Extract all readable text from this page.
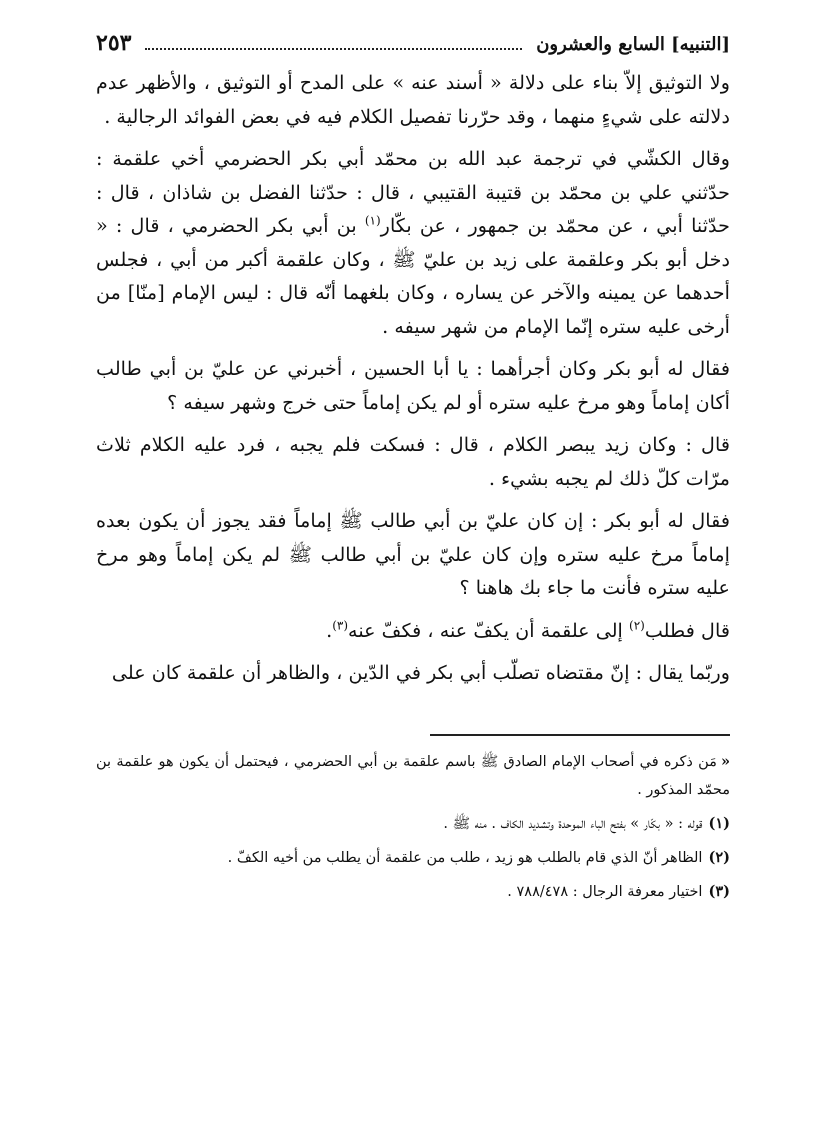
[التنبيه] السابع والعشرون
٢٥٣

ولا التوثيق إلاّ بناء على دلالة « أسند عنه » على المدح أو التوثيق ، والأظهر عدم دلالته على شيءٍ منهما ، وقد حرّرنا تفصيل الكلام فيه في بعض الفوائد الرجالية .

وقال الكشّي في ترجمة عبد الله بن محمّد أبي بكر الحضرمي أخي علقمة : حدّثني علي بن محمّد بن قتيبة القتيبي ، قال : حدّثنا الفضل بن شاذان ، قال : حدّثنا أبي ، عن محمّد بن جمهور ، عن بكّار$^{(١)}$ بن أبي بكر الحضرمي ، قال : « دخل أبو بكر وعلقمة على زيد بن عليّ ﷺ ، وكان علقمة أكبر من أبي ، فجلس أحدهما عن يمينه والآخر عن يساره ، وكان بلغهما أنّه قال : ليس الإمام [منّا] من أرخى عليه ستره إنّما الإمام من شهر سيفه .

فقال له أبو بكر وكان أجرأهما : يا أبا الحسين ، أخبرني عن عليّ بن أبي طالب أكان إماماً وهو مرخ عليه ستره أو لم يكن إماماً حتى خرج وشهر سيفه ؟

قال : وكان زيد يبصر الكلام ، قال : فسكت فلم يجبه ، فرد عليه الكلام ثلاث مرّات كلّ ذلك لم يجبه بشيء .

فقال له أبو بكر : إن كان عليّ بن أبي طالب ﷺ إماماً فقد يجوز أن يكون بعده إماماً مرخ عليه ستره وإن كان عليّ بن أبي طالب ﷺ لم يكن إماماً وهو مرخ عليه ستره فأنت ما جاء بك هاهنا ؟

قال فطلب$^{(٢)}$ إلى علقمة أن يكفّ عنه ، فكفّ عنه$^{(٣)}$.

وربّما يقال : إنّ مقتضاه تصلّب أبي بكر في الدّين ، والظاهر أن علقمة كان على

«مَن ذكره في أصحاب الإمام الصادق ﷺ باسم علقمة بن أبي الحضرمي ، فيحتمل أن يكون هو علقمة بن محمّد المذكور .

(١)قوله : « بكّار » بفتح الباء الموحدة وتشديد الكاف . منه ﷺ .

(٢)الظاهر أنّ الذي قام بالطلب هو زيد ، طلب من علقمة أن يطلب من أخيه الكفّ .

(٣)اختيار معرفة الرجال : ٧٨٨/٤٧٨ .
